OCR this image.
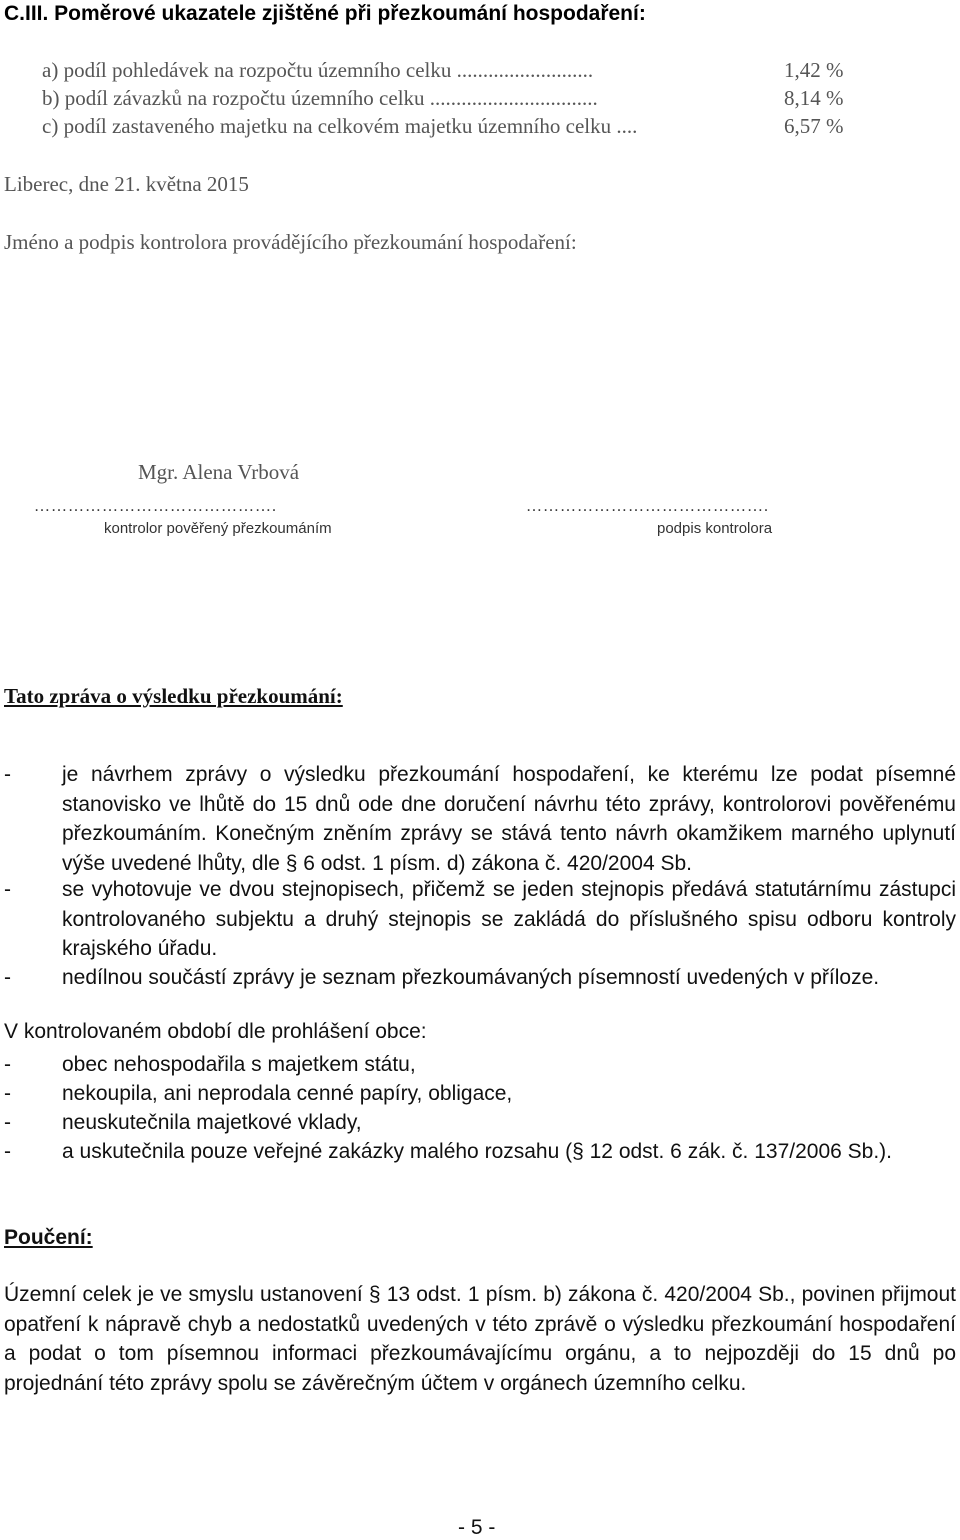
C.III. Poměrové ukazatele zjištěné při přezkoumání hospodaření:
a) podíl pohledávek na rozpočtu územního celku ..........................	1,42 %
b) podíl závazků na rozpočtu územního celku ................................	8,14 %
c) podíl zastaveného majetku na celkovém majetku územního celku ....	6,57 %
Liberec, dne 21. května 2015
Jméno a podpis kontrolora provádějícího přezkoumání hospodaření:
Mgr. Alena Vrbová
…………………………………….
kontrolor pověřený přezkoumáním
…………………………………….
podpis kontrolora
Tato zpráva o výsledku přezkoumání:
- je návrhem zprávy o výsledku přezkoumání hospodaření, ke kterému lze podat písemné stanovisko ve lhůtě do 15 dnů ode dne doručení návrhu této zprávy, kontrolorovi pověřenému přezkoumáním. Konečným zněním zprávy se stává tento návrh okamžikem marného uplynutí výše uvedené lhůty, dle § 6 odst. 1 písm. d) zákona č. 420/2004 Sb.
- se vyhotovuje ve dvou stejnopisech, přičemž se jeden stejnopis předává statutárnímu zástupci kontrolovaného subjektu a druhý stejnopis se zakládá do příslušného spisu odboru kontroly krajského úřadu.
- nedílnou součástí zprávy je seznam přezkoumávaných písemností uvedených v příloze.
V kontrolovaném období dle prohlášení obce:
- obec nehospodařila s majetkem státu,
- nekoupila, ani neprodala cenné papíry, obligace,
- neuskutečnila majetkové vklady,
- a uskutečnila pouze veřejné zakázky malého rozsahu (§ 12 odst. 6 zák. č. 137/2006 Sb.).
Poučení:
Územní celek je ve smyslu ustanovení § 13 odst. 1 písm. b) zákona č. 420/2004 Sb., povinen přijmout opatření k nápravě chyb a nedostatků uvedených v této zprávě o výsledku přezkoumání hospodaření a podat o tom písemnou informaci přezkoumávajícímu orgánu, a to nejpozději do 15 dnů po projednání této zprávy spolu se závěrečným účtem v orgánech územního celku.
- 5 -
